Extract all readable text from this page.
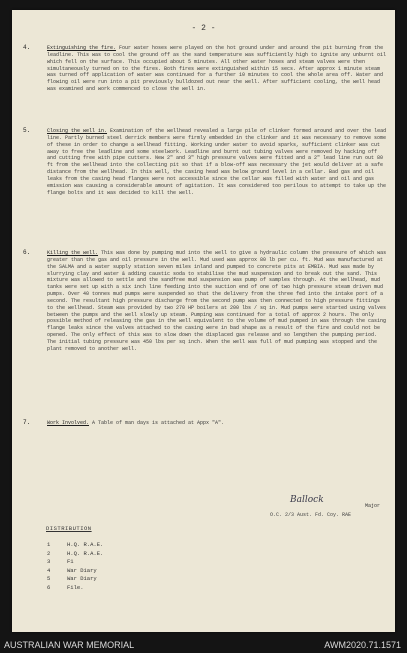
- 2 -
4.	Extinguishing the fire. Four water hoses were played on the hot ground under and around the pit burning from the leadline. This was to cool the ground off as the sand temperature was sufficiently high to ignite any unburnt oil which fell on the surface. This occupied about 5 minutes. All other water hoses and steam valves were then simultaneously turned on to the fires. Both fires were extinguished within 15 secs. After approx 1 minute steam was turned off application of water was continued for a further 10 minutes to cool the whole area off. Water and flowing oil were run into a pit previously bulldozed out near the well. After sufficient cooling, the well head was examined and work commenced to close the well in.
5.	Closing the well in. Examination of the wellhead revealed a large pile of clinker formed around and over the lead line. Partly burned steel derrick members were firmly embedded in the clinker and it was necessary to remove some of these in order to change a wellhead fitting. Working under water to avoid sparks, sufficient clinker was cut away to free the leadline and some steelwork. Leadline and burnt out tubing valves were removed by hacking off and cutting free with pipe cutters. New 2" and 3" high pressure valves were fitted and a 2" lead line run out 80 ft from the wellhead into the collecting pit so that if a blow-off was necessary the jet would deliver at a safe distance from the wellhead. In this well, the casing head was below ground level in a cellar. Bad gas and oil leaks from the casing head flanges were not accessible since the cellar was filled with water and oil and gas emission was causing a considerable amount of agitation. It was considered too perilous to attempt to take up the flange bolts and it was decided to kill the well.
6.	Killing the well. This was done by pumping mud into the well to give a hydraulic column the pressure of which was greater than the gas and oil pressure in the well. Mud used was approx 80 lb per cu. ft. Mud was manufactured at the SALMA and a water supply station seven miles inland and pumped to concrete pits at EMBIA. Mud was made by slurrying clay and water & adding caustic soda to stabilise the mud suspension and to break out the sand. This mixture was allowed to settle and the sandfree mud suspension was pump of samples through. At the wellhead, mud tanks were set up with a six inch line feeding into the suction end of one of two high pressure steam driven mud pumps. Over 40 tonnes mud pumps were suspended so that the delivery from the three fed into the intake port of a second. The resultant high pressure discharge from the second pump was then connected to high pressure fittings to the wellhead. Steam was provided by two 270 HP boilers at 200 lbs / sq in. Mud pumps were started using valves between the pumps and the well slowly up steam. Pumping was continued for a total of approx 2 hours. The only possible method of releasing the gas in the well equivalent to the volume of mud pumped in was through the casing flange leaks since the valves attached to the casing were in bad shape as a result of the fire and could not be opened. The only effect of this was to slow down the displaced gas release and so lengthen the pumping period. The initial tubing pressure was 450 lbs per sq inch. When the well was full of mud pumping was stopped and the plant removed to another well.
7.	Work Involved. A Table of man days is attached at Appx "A".
Ballock
Major
O.C. 2/3 Aust. Fd. Coy. RAE
DISTRIBUTION
1	H.Q. R.A.E.
2	H.Q. R.A.E.
3	F1
4	War Diary
5	War Diary
6	File.
AUSTRALIAN WAR MEMORIAL	AWM2020.71.1571
